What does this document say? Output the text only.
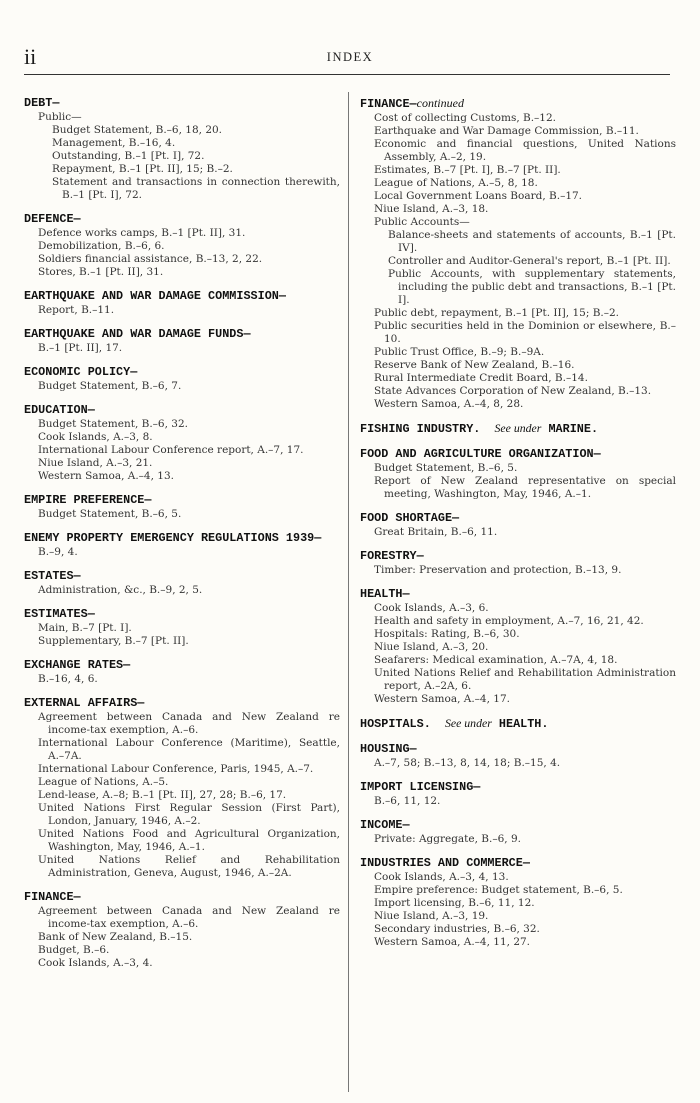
ii	INDEX
DEBT—
Public—
Budget Statement, B.–6, 18, 20.
Management, B.–16, 4.
Outstanding, B.–1 [Pt. I], 72.
Repayment, B.–1 [Pt. II], 15; B.–2.
Statement and transactions in connection therewith, B.–1 [Pt. I], 72.
DEFENCE—
Defence works camps, B.–1 [Pt. II], 31.
Demobilization, B.–6, 6.
Soldiers financial assistance, B.–13, 2, 22.
Stores, B.–1 [Pt. II], 31.
EARTHQUAKE AND WAR DAMAGE COMMISSION—
Report, B.–11.
EARTHQUAKE AND WAR DAMAGE FUNDS—
B.–1 [Pt. II], 17.
ECONOMIC POLICY—
Budget Statement, B.–6, 7.
EDUCATION—
Budget Statement, B.–6, 32.
Cook Islands, A.–3, 8.
International Labour Conference report, A.–7, 17.
Niue Island, A.–3, 21.
Western Samoa, A.–4, 13.
EMPIRE PREFERENCE—
Budget Statement, B.–6, 5.
ENEMY PROPERTY EMERGENCY REGULATIONS 1939—
B.–9, 4.
ESTATES—
Administration, &c., B.–9, 2, 5.
ESTIMATES—
Main, B.–7 [Pt. I].
Supplementary, B.–7 [Pt. II].
EXCHANGE RATES—
B.–16, 4, 6.
EXTERNAL AFFAIRS—
Agreement between Canada and New Zealand re income-tax exemption, A.–6.
International Labour Conference (Maritime), Seattle, A.–7A.
International Labour Conference, Paris, 1945, A.–7.
League of Nations, A.–5.
Lend-lease, A.–8; B.–1 [Pt. II], 27, 28; B.–6, 17.
United Nations First Regular Session (First Part), London, January, 1946, A.–2.
United Nations Food and Agricultural Organization, Washington, May, 1946, A.–1.
United Nations Relief and Rehabilitation Administration, Geneva, August, 1946, A.–2A.
FINANCE—
Agreement between Canada and New Zealand re income-tax exemption, A.–6.
Bank of New Zealand, B.–15.
Budget, B.–6.
Cook Islands, A.–3, 4.
FINANCE—continued
Cost of collecting Customs, B.–12.
Earthquake and War Damage Commission, B.–11.
Economic and financial questions, United Nations Assembly, A.–2, 19.
Estimates, B.–7 [Pt. I], B.–7 [Pt. II].
League of Nations, A.–5, 8, 18.
Local Government Loans Board, B.–17.
Niue Island, A.–3, 18.
Public Accounts—
Balance-sheets and statements of accounts, B.–1 [Pt. IV].
Controller and Auditor-General's report, B.–1 [Pt. II].
Public Accounts, with supplementary statements, including the public debt and transactions, B.–1 [Pt. I].
Public debt, repayment, B.–1 [Pt. II], 15; B.–2.
Public securities held in the Dominion or elsewhere, B.–10.
Public Trust Office, B.–9; B.–9A.
Reserve Bank of New Zealand, B.–16.
Rural Intermediate Credit Board, B.–14.
State Advances Corporation of New Zealand, B.–13.
Western Samoa, A.–4, 8, 28.
FISHING INDUSTRY. See under MARINE.
FOOD AND AGRICULTURE ORGANIZATION—
Budget Statement, B.–6, 5.
Report of New Zealand representative on special meeting, Washington, May, 1946, A.–1.
FOOD SHORTAGE—
Great Britain, B.–6, 11.
FORESTRY—
Timber: Preservation and protection, B.–13, 9.
HEALTH—
Cook Islands, A.–3, 6.
Health and safety in employment, A.–7, 16, 21, 42.
Hospitals: Rating, B.–6, 30.
Niue Island, A.–3, 20.
Seafarers: Medical examination, A.–7A, 4, 18.
United Nations Relief and Rehabilitation Administration report, A.–2A, 6.
Western Samoa, A.–4, 17.
HOSPITALS. See under HEALTH.
HOUSING—
A.–7, 58; B.–13, 8, 14, 18; B.–15, 4.
IMPORT LICENSING—
B.–6, 11, 12.
INCOME—
Private: Aggregate, B.–6, 9.
INDUSTRIES AND COMMERCE—
Cook Islands, A.–3, 4, 13.
Empire preference: Budget statement, B.–6, 5.
Import licensing, B.–6, 11, 12.
Niue Island, A.–3, 19.
Secondary industries, B.–6, 32.
Western Samoa, A.–4, 11, 27.
